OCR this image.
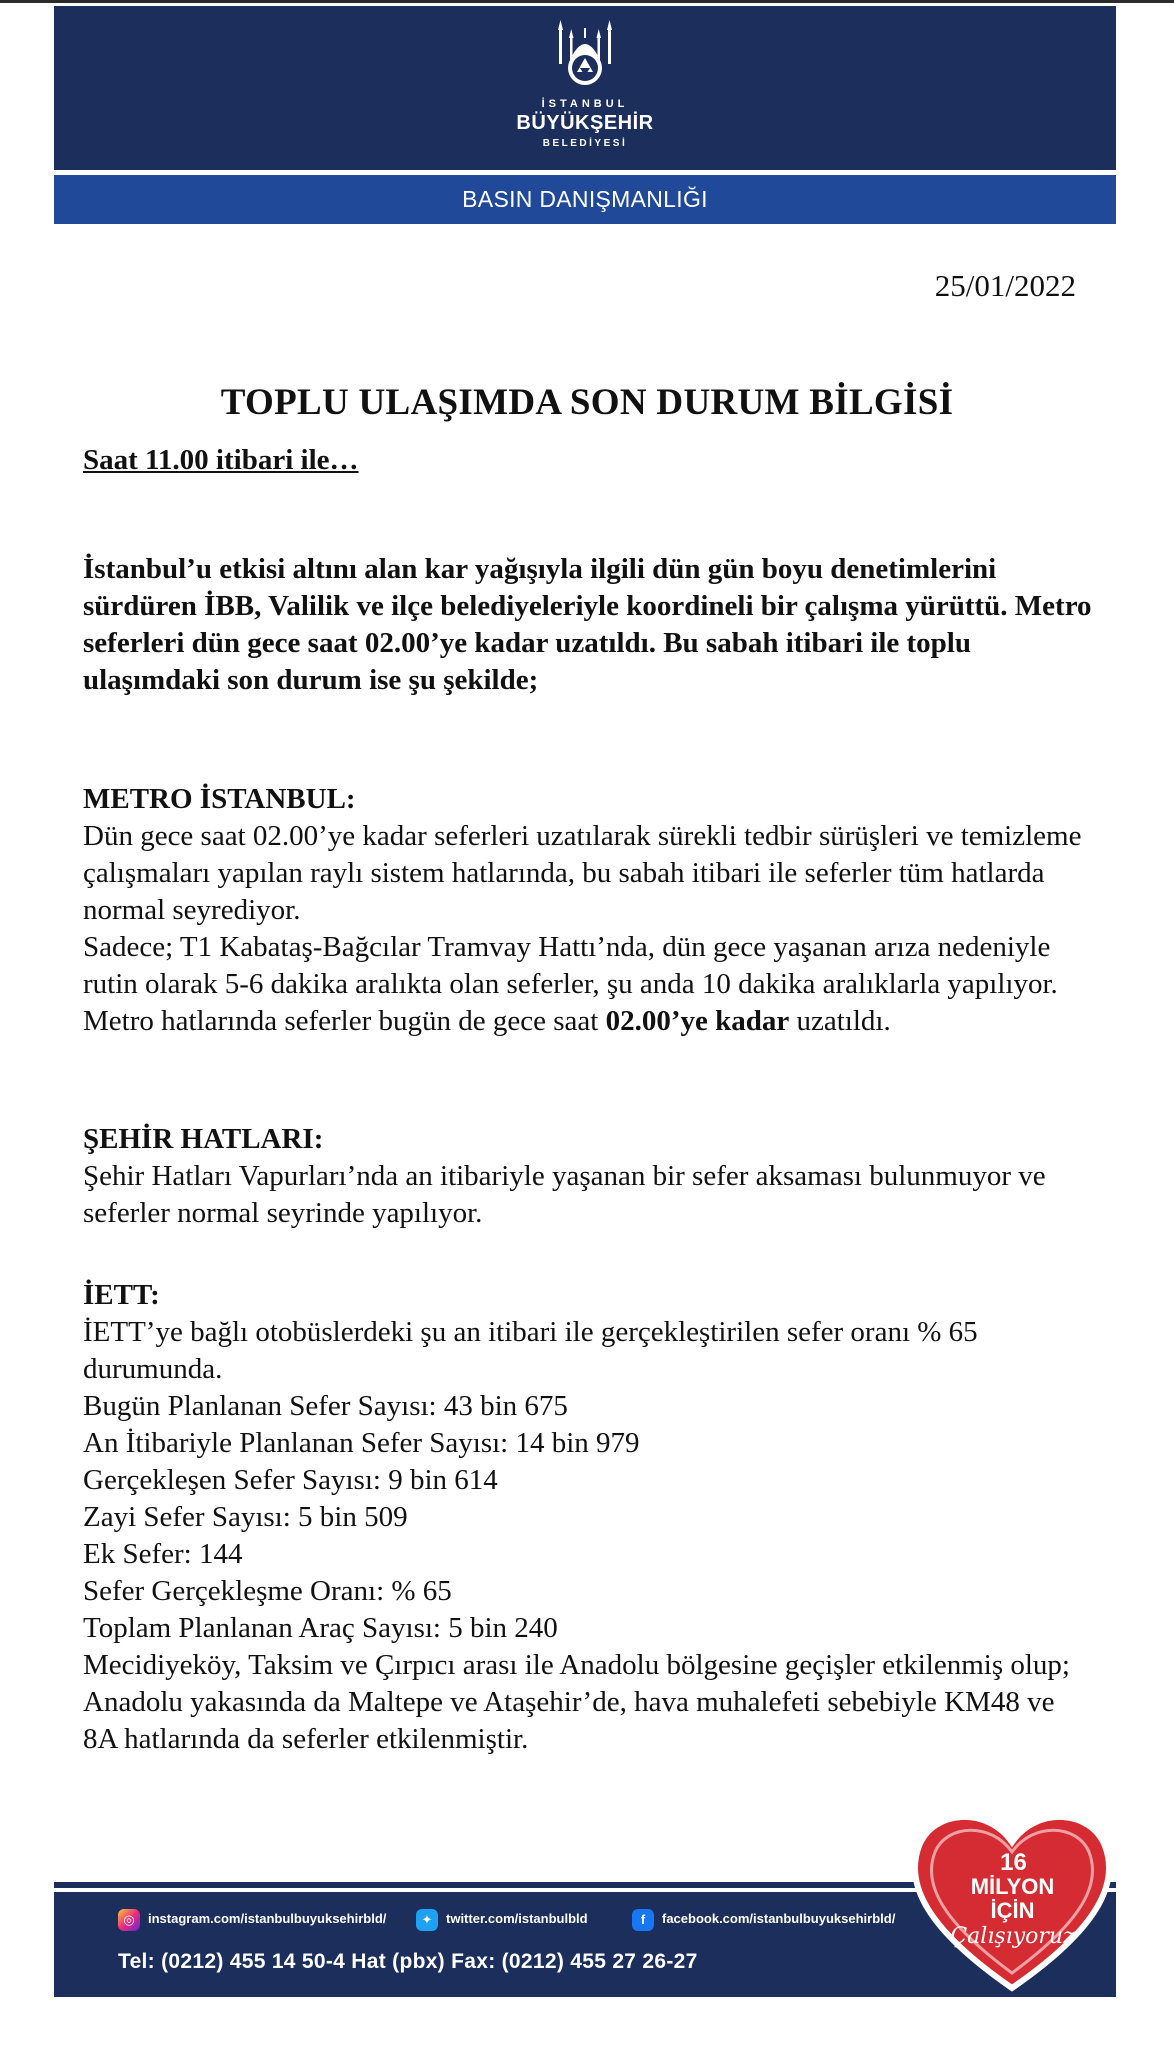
İSTANBUL
BÜYÜKŞEHİR
BELEDİYESİ
BASIN DANIŞMANLIĞI
25/01/2022
TOPLU ULAŞIMDA SON DURUM BİLGİSİ
Saat 11.00 itibari ile…

İstanbul’u etkisi altını alan kar yağışıyla ilgili dün gün boyu denetimlerini sürdüren İBB, Valilik ve ilçe belediyeleriyle koordineli bir çalışma yürüttü. Metro seferleri dün gece saat 02.00’ye kadar uzatıldı. Bu sabah itibari ile toplu ulaşımdaki son durum ise şu şekilde;

METRO İSTANBUL:

Dün gece saat 02.00’ye kadar seferleri uzatılarak sürekli tedbir sürüşleri ve temizleme çalışmaları yapılan raylı sistem hatlarında, bu sabah itibari ile seferler tüm hatlarda normal seyrediyor.

Sadece; T1 Kabataş-Bağcılar Tramvay Hattı’nda, dün gece yaşanan arıza nedeniyle rutin olarak 5-6 dakika aralıkta olan seferler, şu anda 10 dakika aralıklarla yapılıyor.

Metro hatlarında seferler bugün de gece saat 02.00’ye kadar uzatıldı.

ŞEHİR HATLARI:

Şehir Hatları Vapurları’nda an itibariyle yaşanan bir sefer aksaması bulunmuyor ve seferler normal seyrinde yapılıyor.

İETT:

İETT’ye bağlı otobüslerdeki şu an itibari ile gerçekleştirilen sefer oranı % 65 durumunda.

Bugün Planlanan Sefer Sayısı: 43 bin 675

An İtibariyle Planlanan Sefer Sayısı: 14 bin 979

Gerçekleşen Sefer Sayısı: 9 bin 614

Zayi Sefer Sayısı: 5 bin 509

Ek Sefer: 144

Sefer Gerçekleşme Oranı: % 65

Toplam Planlanan Araç Sayısı: 5 bin 240

Mecidiyeköy, Taksim ve Çırpıcı arası ile Anadolu bölgesine geçişler etkilenmiş olup; Anadolu yakasında da Maltepe ve Ataşehir’de, hava muhalefeti sebebiyle KM48 ve 8A hatlarında da seferler etkilenmiştir.

◎ instagram.com/istanbulbuyuksehirbld/	✦ twitter.com/istanbulbld	f facebook.com/istanbulbuyuksehirbld/
Tel: (0212) 455 14 50-4 Hat (pbx) Fax: (0212) 455 27 26-27
16
MİLYON
İÇİN
Çalışıyoruz
